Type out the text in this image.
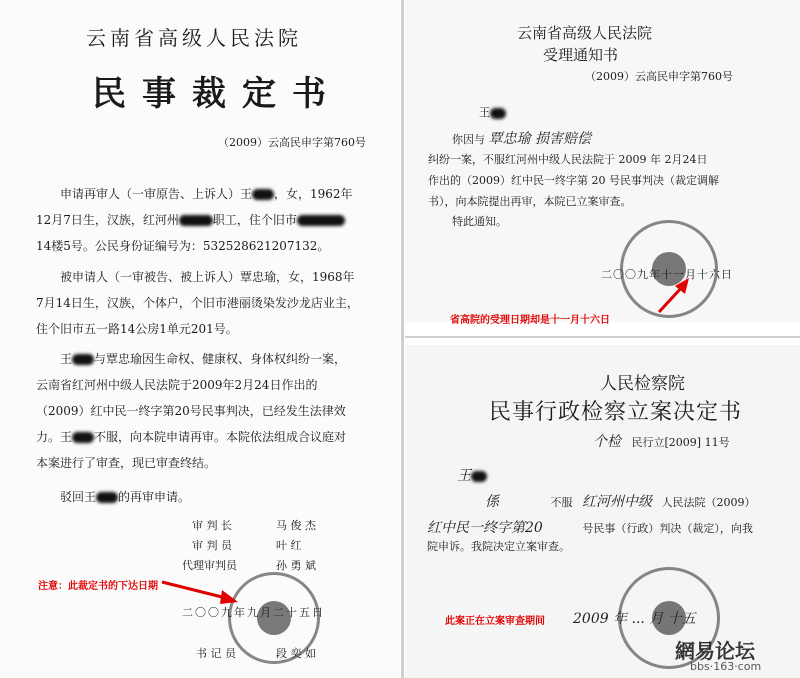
云南省高级人民法院
民事裁定书
（2009）云高民申字第760号
申请再审人（一审原告、上诉人）王 ，女，1962年
12月7日生，汉族，红河州	职工，住个旧市
14楼5号。公民身份证编号为：532528621207132。
被申请人（一审被告、被上诉人）覃忠瑜，女，1968年
7月14日生，汉族，个体户，个旧市港丽烫染发沙龙店业主，
住个旧市五一路14公房1单元201号。
王 与覃忠瑜因生命权、健康权、身体权纠纷一案，
云南省红河州中级人民法院于2009年2月24日作出的
（2009）红中民一终字第20号民事判决，已经发生法律效
力。王 不服，向本院申请再审。本院依法组成合议庭对
本案进行了审查，现已审查终结。
驳回王 的再审申请。
审 判 长	马 俊 杰
审 判 员	叶 红
代理审判员	孙 勇 斌
注意：此裁定书的下达日期
二〇〇九年九月二十五日
书 记 员	段 奕 如
云南省高级人民法院
受理通知书
（2009）云高民申字第760号
王
你因与 覃忠瑜 损害赔偿
纠纷一案，不服红河州中级人民法院于 2009 年 2月24日
作出的（2009）红中民一终字第 20 号民事判决（裁定调解
书），向本院提出再审，本院已立案审查。
特此通知。
二〇〇九年十一月十六日
省高院的受理日期却是十一月十六日
人民检察院
民事行政检察立案决定书
个检 民行立[2009] 11号
王
係	不服 红河州中级 人民法院（2009）
红中民一终字第20	号民事（行政）判决（裁定），向我
院申诉。我院决定立案审查。
此案正在立案审查期间 2009 年 ... 月 十五
網易论坛
bbs·163·com
